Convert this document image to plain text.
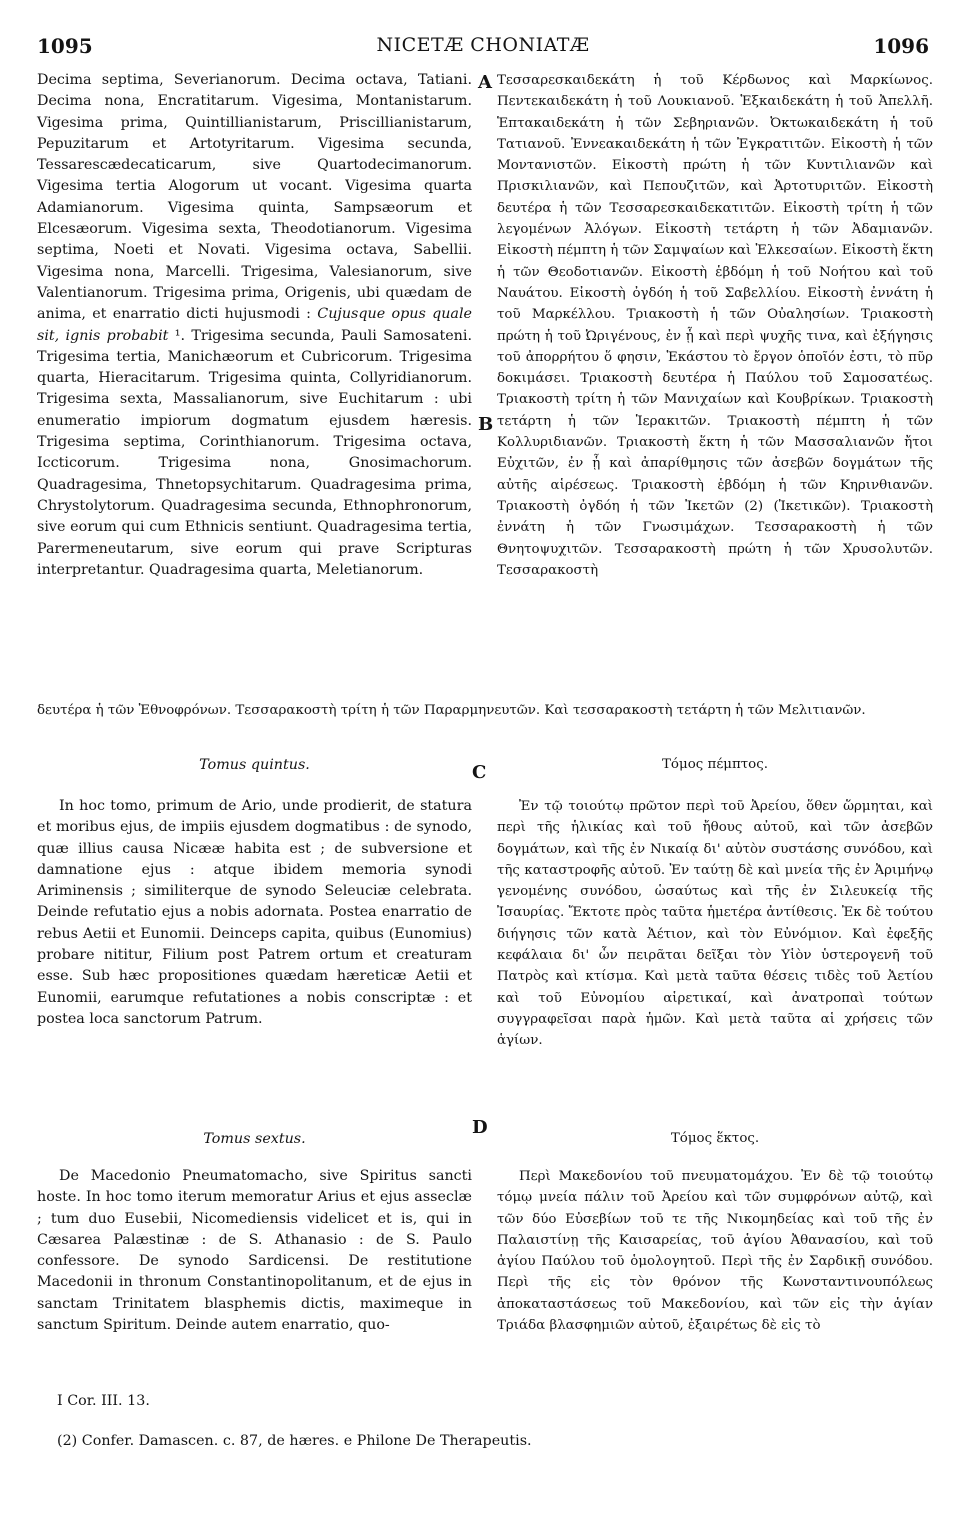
1095	NICETÆ CHONIATÆ	1096
A
B
C
D

Decima septima, Severianorum. Decima octava, Tatiani. Decima nona, Encratitarum. Vigesima, Montanistarum. Vigesima prima, Quintillianistarum, Priscillianistarum, Pepuzitarum et Artotyritarum. Vigesima secunda, Tessarescædecaticarum, sive Quartodecimanorum. Vigesima tertia Alogorum ut vocant. Vigesima quarta Adamianorum. Vigesima quinta, Sampsæorum et Elcesæorum. Vigesima sexta, Theodotianorum. Vigesima septima, Noeti et Novati. Vigesima octava, Sabellii. Vigesima nona, Marcelli. Trigesima, Valesianorum, sive Valentianorum. Trigesima prima, Origenis, ubi quædam de anima, et enarratio dicti hujusmodi : Cujusque opus quale sit, ignis probabit ¹. Trigesima secunda, Pauli Samosateni. Trigesima tertia, Manichæorum et Cubricorum. Trigesima quarta, Hieracitarum. Trigesima quinta, Collyridianorum. Trigesima sexta, Massalianorum, sive Euchitarum : ubi enumeratio impiorum dogmatum ejusdem hæresis. Trigesima septima, Corinthianorum. Trigesima octava, Iccticorum. Trigesima nona, Gnosimachorum. Quadragesima, Thnetopsychitarum. Quadragesima prima, Chrystolytorum. Quadragesima secunda, Ethnophronorum, sive eorum qui cum Ethnicis sentiunt. Quadragesima tertia, Parermeneutarum, sive eorum qui prave Scripturas interpretantur. Quadragesima quarta, Meletianorum.

Τεσσαρεσκαιδεκάτη ἡ τοῦ Κέρδωνος καὶ Μαρκίωνος. Πεντεκαιδεκάτη ἡ τοῦ Λουκιανοῦ. Ἑξκαιδεκάτη ἡ τοῦ Ἀπελλῆ. Ἑπτακαιδεκάτη ἡ τῶν Σεβηριανῶν. Ὀκτωκαιδεκάτη ἡ τοῦ Τατιανοῦ. Ἐννεακαιδεκάτη ἡ τῶν Ἐγκρατιτῶν. Εἰκοστὴ ἡ τῶν Μοντανιστῶν. Εἰκοστὴ πρώτη ἡ τῶν Κυντιλιανῶν καὶ Πρισκιλιανῶν, καὶ Πεπουζιτῶν, καὶ Ἀρτοτυριτῶν. Εἰκοστὴ δευτέρα ἡ τῶν Τεσσαρεσκαιδεκατιτῶν. Εἰκοστὴ τρίτη ἡ τῶν λεγομένων Ἀλόγων. Εἰκοστὴ τετάρτη ἡ τῶν Ἀδαμιανῶν. Εἰκοστὴ πέμπτη ἡ τῶν Σαμψαίων καὶ Ἐλκεσαίων. Εἰκοστὴ ἕκτη ἡ τῶν Θεοδοτιανῶν. Εἰκοστὴ ἑβδόμη ἡ τοῦ Νοήτου καὶ τοῦ Ναυάτου. Εἰκοστὴ ὀγδόη ἡ τοῦ Σαβελλίου. Εἰκοστὴ ἐννάτη ἡ τοῦ Μαρκέλλου. Τριακοστὴ ἡ τῶν Οὐαλησίων. Τριακοστὴ πρώτη ἡ τοῦ Ὠριγένους, ἐν ᾗ καὶ περὶ ψυχῆς τινα, καὶ ἐξήγησις τοῦ ἀπορρήτου ὅ φησιν, Ἑκάστου τὸ ἔργον ὁποῖόν ἐστι, τὸ πῦρ δοκιμάσει. Τριακοστὴ δευτέρα ἡ Παύλου τοῦ Σαμοσατέως. Τριακοστὴ τρίτη ἡ τῶν Μανιχαίων καὶ Κουβρίκων. Τριακοστὴ τετάρτη ἡ τῶν Ἱερακιτῶν. Τριακοστὴ πέμπτη ἡ τῶν Κολλυριδιανῶν. Τριακοστὴ ἕκτη ἡ τῶν Μασσαλιανῶν ἤτοι Εὐχιτῶν, ἐν ᾗ καὶ ἀπαρίθμησις τῶν ἀσεβῶν δογμάτων τῆς αὐτῆς αἱρέσεως. Τριακοστὴ ἑβδόμη ἡ τῶν Κηρινθιανῶν. Τριακοστὴ ὀγδόη ἡ τῶν Ἰκετῶν (2) (Ἰκετικῶν). Τριακοστὴ ἐννάτη ἡ τῶν Γνωσιμάχων. Τεσσαρακοστὴ ἡ τῶν Θνητοψυχιτῶν. Τεσσαρακοστὴ πρώτη ἡ τῶν Χρυσολυτῶν. Τεσσαρακοστὴ

δευτέρα ἡ τῶν Ἐθνοφρόνων. Τεσσαρακοστὴ τρίτη ἡ τῶν Παραρμηνευτῶν. Καὶ τεσσαρακοστὴ τετάρτη ἡ τῶν Μελιτιανῶν.
Tomus quintus.	Τόμος πέμπτος.

In hoc tomo, primum de Ario, unde prodierit, de statura et moribus ejus, de impiis ejusdem dogmatibus : de synodo, quæ illius causa Nicææ habita est ; de subversione et damnatione ejus : atque ibidem memoria synodi Ariminensis ; similiterque de synodo Seleuciæ celebrata. Deinde refutatio ejus a nobis adornata. Postea enarratio de rebus Aetii et Eunomii. Deinceps capita, quibus (Eunomius) probare nititur, Filium post Patrem ortum et creaturam esse. Sub hæc propositiones quædam hæreticæ Aetii et Eunomii, earumque refutationes a nobis conscriptæ : et postea loca sanctorum Patrum.

Ἐν τῷ τοιούτῳ πρῶτον περὶ τοῦ Ἀρείου, ὅθεν ὥρμηται, καὶ περὶ τῆς ἡλικίας καὶ τοῦ ἤθους αὐτοῦ, καὶ τῶν ἀσεβῶν δογμάτων, καὶ τῆς ἐν Νικαίᾳ δι' αὐτὸν συστάσης συνόδου, καὶ τῆς καταστροφῆς αὐτοῦ. Ἐν ταύτῃ δὲ καὶ μνεία τῆς ἐν Ἀριμήνῳ γενομένης συνόδου, ὡσαύτως καὶ τῆς ἐν Σιλευκείᾳ τῆς Ἰσαυρίας. Ἔκτοτε πρὸς ταῦτα ἡμετέρα ἀντίθεσις. Ἐκ δὲ τούτου διήγησις τῶν κατὰ Ἀέτιον, καὶ τὸν Εὐνόμιον. Καὶ ἐφεξῆς κεφάλαια δι' ὧν πειρᾶται δεῖξαι τὸν Υἱὸν ὑστερογενῆ τοῦ Πατρὸς καὶ κτίσμα. Καὶ μετὰ ταῦτα θέσεις τιδὲς τοῦ Ἀετίου καὶ τοῦ Εὐνομίου αἱρετικαί, καὶ ἀνατροπαὶ τούτων συγγραφεῖσαι παρὰ ἡμῶν. Καὶ μετὰ ταῦτα αἱ χρήσεις τῶν ἁγίων.

Tomus sextus.	Τόμος ἕκτος.

De Macedonio Pneumatomacho, sive Spiritus sancti hoste. In hoc tomo iterum memoratur Arius et ejus asseclæ ; tum duo Eusebii, Nicomediensis videlicet et is, qui in Cæsarea Palæstinæ : de S. Athanasio : de S. Paulo confessore. De synodo Sardicensi. De restitutione Macedonii in thronum Constantinopolitanum, et de ejus in sanctam Trinitatem blasphemis dictis, maximeque in sanctum Spiritum. Deinde autem enarratio, quo-

Περὶ Μακεδονίου τοῦ πνευματομάχου. Ἐν δὲ τῷ τοιούτῳ τόμῳ μνεία πάλιν τοῦ Ἀρείου καὶ τῶν συμφρόνων αὐτῷ, καὶ τῶν δύο Εὐσεβίων τοῦ τε τῆς Νικομηδείας καὶ τοῦ τῆς ἐν Παλαιστίνῃ τῆς Καισαρείας, τοῦ ἁγίου Ἀθανασίου, καὶ τοῦ ἁγίου Παύλου τοῦ ὁμολογητοῦ. Περὶ τῆς ἐν Σαρδικῇ συνόδου. Περὶ τῆς εἰς τὸν θρόνον τῆς Κωνσταντινουπόλεως ἀποκαταστάσεως τοῦ Μακεδονίου, καὶ τῶν εἰς τὴν ἁγίαν Τριάδα βλασφημιῶν αὐτοῦ, ἐξαιρέτως δὲ εἰς τὸ

I Cor. III. 13.
(2) Confer. Damascen. c. 87, de hæres. e Philone De Therapeutis.
